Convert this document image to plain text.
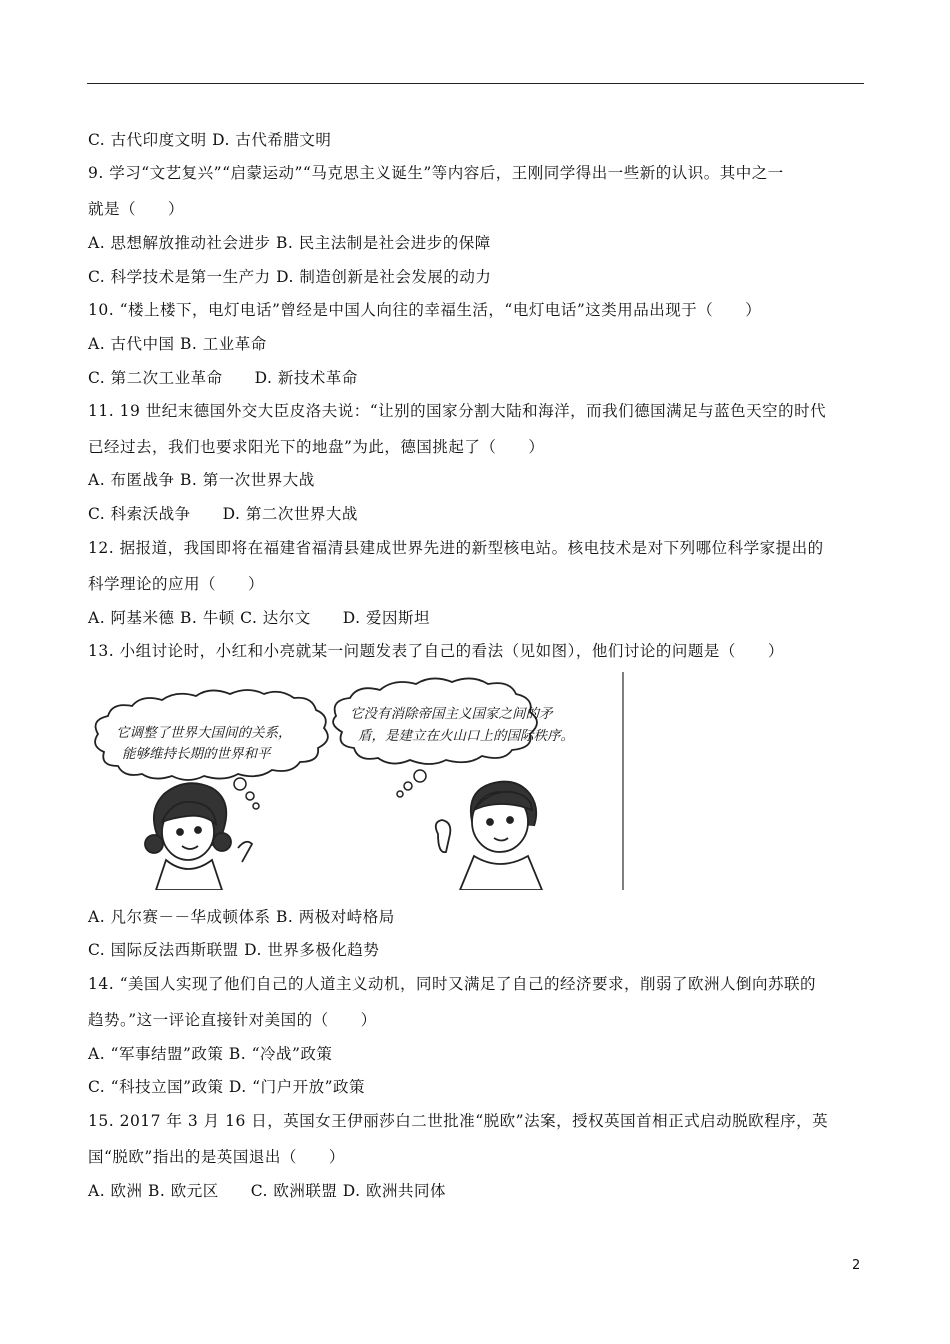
C. 古代印度文明 D. 古代希腊文明
9. 学习“文艺复兴”“启蒙运动”“马克思主义诞生”等内容后，王刚同学得出一些新的认识。其中之一
就是（　　）
A. 思想解放推动社会进步 B. 民主法制是社会进步的保障
C. 科学技术是第一生产力 D. 制造创新是社会发展的动力
10. “楼上楼下，电灯电话”曾经是中国人向往的幸福生活，“电灯电话”这类用品出现于（　　）
A. 古代中国 B. 工业革命
C. 第二次工业革命　　D. 新技术革命
11. 19 世纪末德国外交大臣皮洛夫说：“让别的国家分割大陆和海洋，而我们德国满足与蓝色天空的时代
已经过去，我们也要求阳光下的地盘”为此，德国挑起了（　　）
A. 布匿战争 B. 第一次世界大战
C. 科索沃战争　　D. 第二次世界大战
12. 据报道，我国即将在福建省福清县建成世界先进的新型核电站。核电技术是对下列哪位科学家提出的
科学理论的应用（　　）
A. 阿基米德 B. 牛顿 C. 达尔文　　D. 爱因斯坦
13. 小组讨论时，小红和小亮就某一问题发表了自己的看法（见如图），他们讨论的问题是（　　）
它调整了世界大国间的关系，
能够维持长期的世界和平
它没有消除帝国主义国家之间的矛
盾，是建立在火山口上的国际秩序。
A. 凡尔赛－－华成顿体系 B. 两极对峙格局
C. 国际反法西斯联盟 D. 世界多极化趋势
14. “美国人实现了他们自己的人道主义动机，同时又满足了自己的经济要求，削弱了欧洲人倒向苏联的
趋势。”这一评论直接针对美国的（　　）
A. “军事结盟”政策 B. “冷战”政策
C. “科技立国”政策 D. “门户开放”政策
15. 2017 年 3 月 16 日，英国女王伊丽莎白二世批准“脱欧”法案，授权英国首相正式启动脱欧程序，英
国“脱欧”指出的是英国退出（　　）
A. 欧洲 B. 欧元区　　C. 欧洲联盟 D. 欧洲共同体
2
